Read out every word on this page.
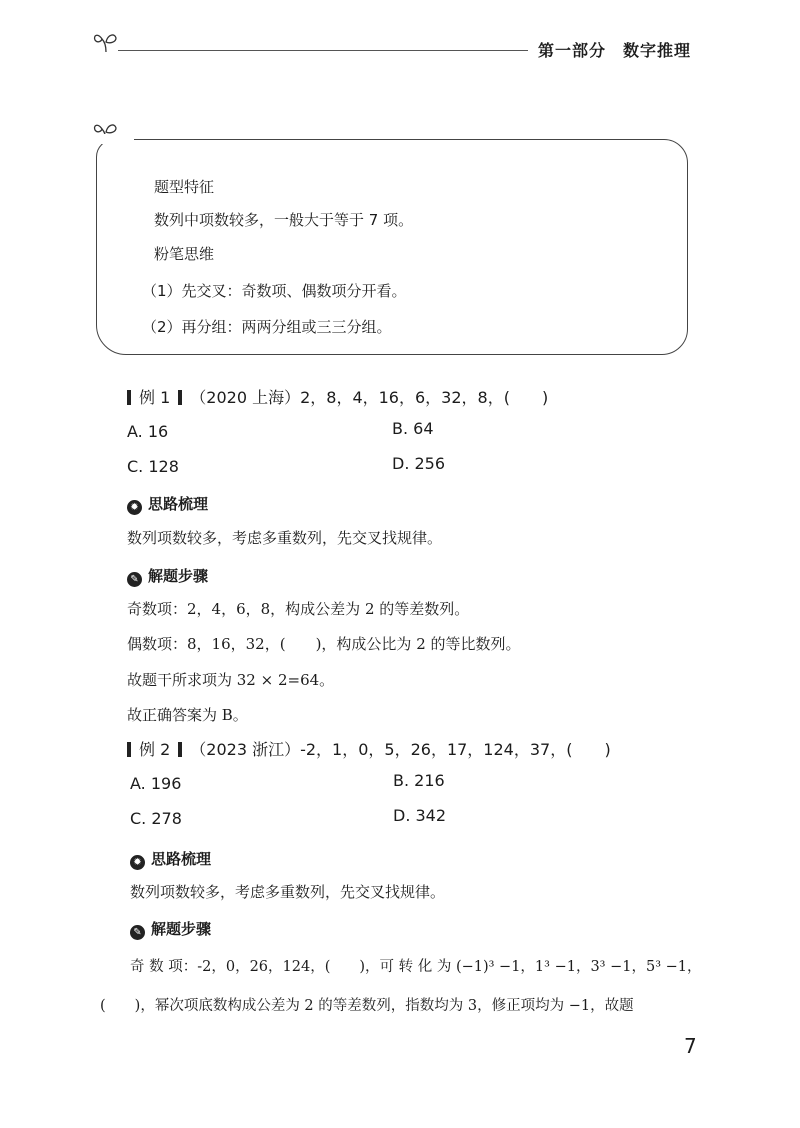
第一部分　数字推理
题型特征
数列中项数较多，一般大于等于 7 项。
粉笔思维
（1）先交叉：奇数项、偶数项分开看。
（2）再分组：两两分组或三三分组。
例 1 （2020 上海）2，8，4，16，6，32，8，(　　)
A. 16	B. 64
C. 128	D. 256
✹ 思路梳理
数列项数较多，考虑多重数列，先交叉找规律。
✎ 解题步骤
奇数项：2，4，6，8，构成公差为 2 的等差数列。
偶数项：8，16，32，(　　)，构成公比为 2 的等比数列。
故题干所求项为 32 × 2=64。
故正确答案为 B。
例 2 （2023 浙江）-2，1，0，5，26，17，124，37，(　　)
A. 196	B. 216
C. 278	D. 342
✹ 思路梳理
数列项数较多，考虑多重数列，先交叉找规律。
✎ 解题步骤
奇 数 项：-2，0，26，124，(　　)，可 转 化 为 (−1)³ −1，1³ −1，3³ −1，5³ −1，
(　　)，幂次项底数构成公差为 2 的等差数列，指数均为 3，修正项均为 −1，故题
7
